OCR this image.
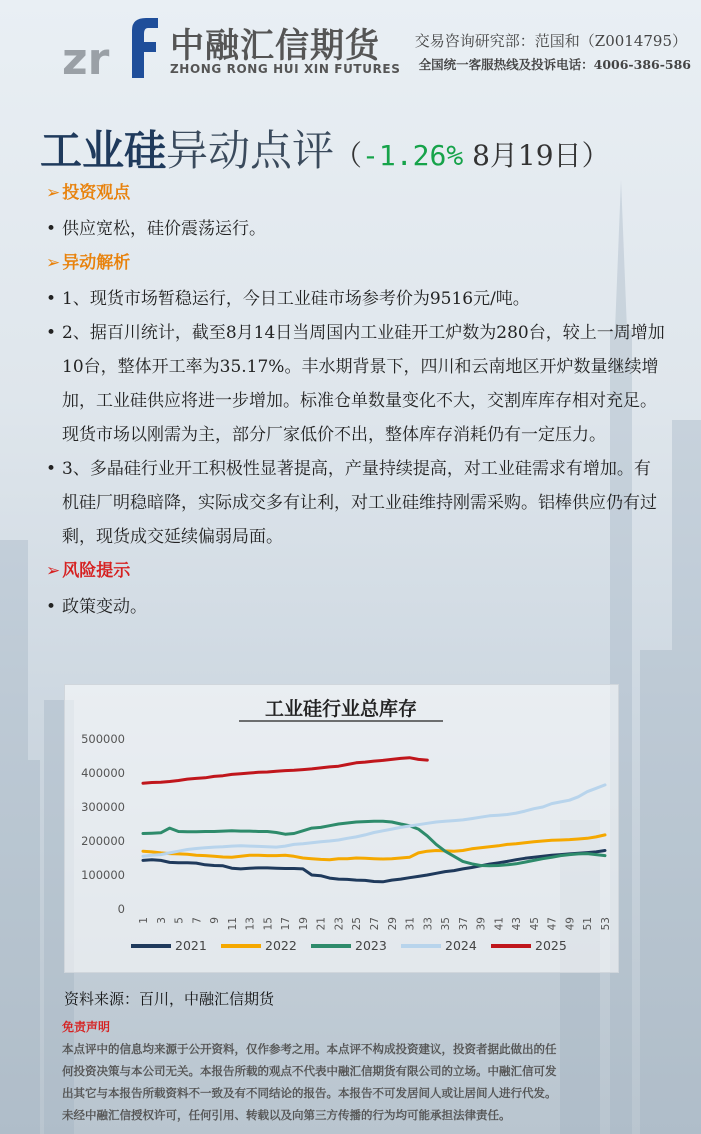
zr 中融汇信期货
ZHONG RONG HUI XIN FUTURES
交易咨询研究部：范国和（Z0014795）
全国统一客服热线及投诉电话：4006-386-586
工业硅异动点评（-1.26% 8月19日）
➢ 投资观点
• 供应宽松，硅价震荡运行。
➢ 异动解析
• 1、现货市场暂稳运行，今日工业硅市场参考价为9516元/吨。
• 2、据百川统计，截至8月14日当周国内工业硅开工炉数为280台，较上一周增加10台，整体开工率为35.17%。丰水期背景下，四川和云南地区开炉数量继续增加，工业硅供应将进一步增加。标准仓单数量变化不大，交割库库存相对充足。现货市场以刚需为主，部分厂家低价不出，整体库存消耗仍有一定压力。
• 3、多晶硅行业开工积极性显著提高，产量持续提高，对工业硅需求有增加。有机硅厂明稳暗降，实际成交多有让利，对工业硅维持刚需采购。铝棒供应仍有过剩，现货成交延续偏弱局面。
➢ 风险提示
• 政策变动。
工业硅行业总库存
0
100000
200000
300000
400000
500000
1 3 5 7 9 11 13 15 17 19 21 23 25 27 29 31 33 35 37 39 41 43 45 47 49 51 53
2021	2022	2023	2024	2025
资料来源：百川，中融汇信期货
免责声明
本点评中的信息均来源于公开资料，仅作参考之用。本点评不构成投资建议，投资者据此做出的任
何投资决策与本公司无关。本报告所载的观点不代表中融汇信期货有限公司的立场。中融汇信可发
出其它与本报告所载资料不一致及有不同结论的报告。本报告不可发居间人或让居间人进行代发。
未经中融汇信授权许可，任何引用、转载以及向第三方传播的行为均可能承担法律责任。
